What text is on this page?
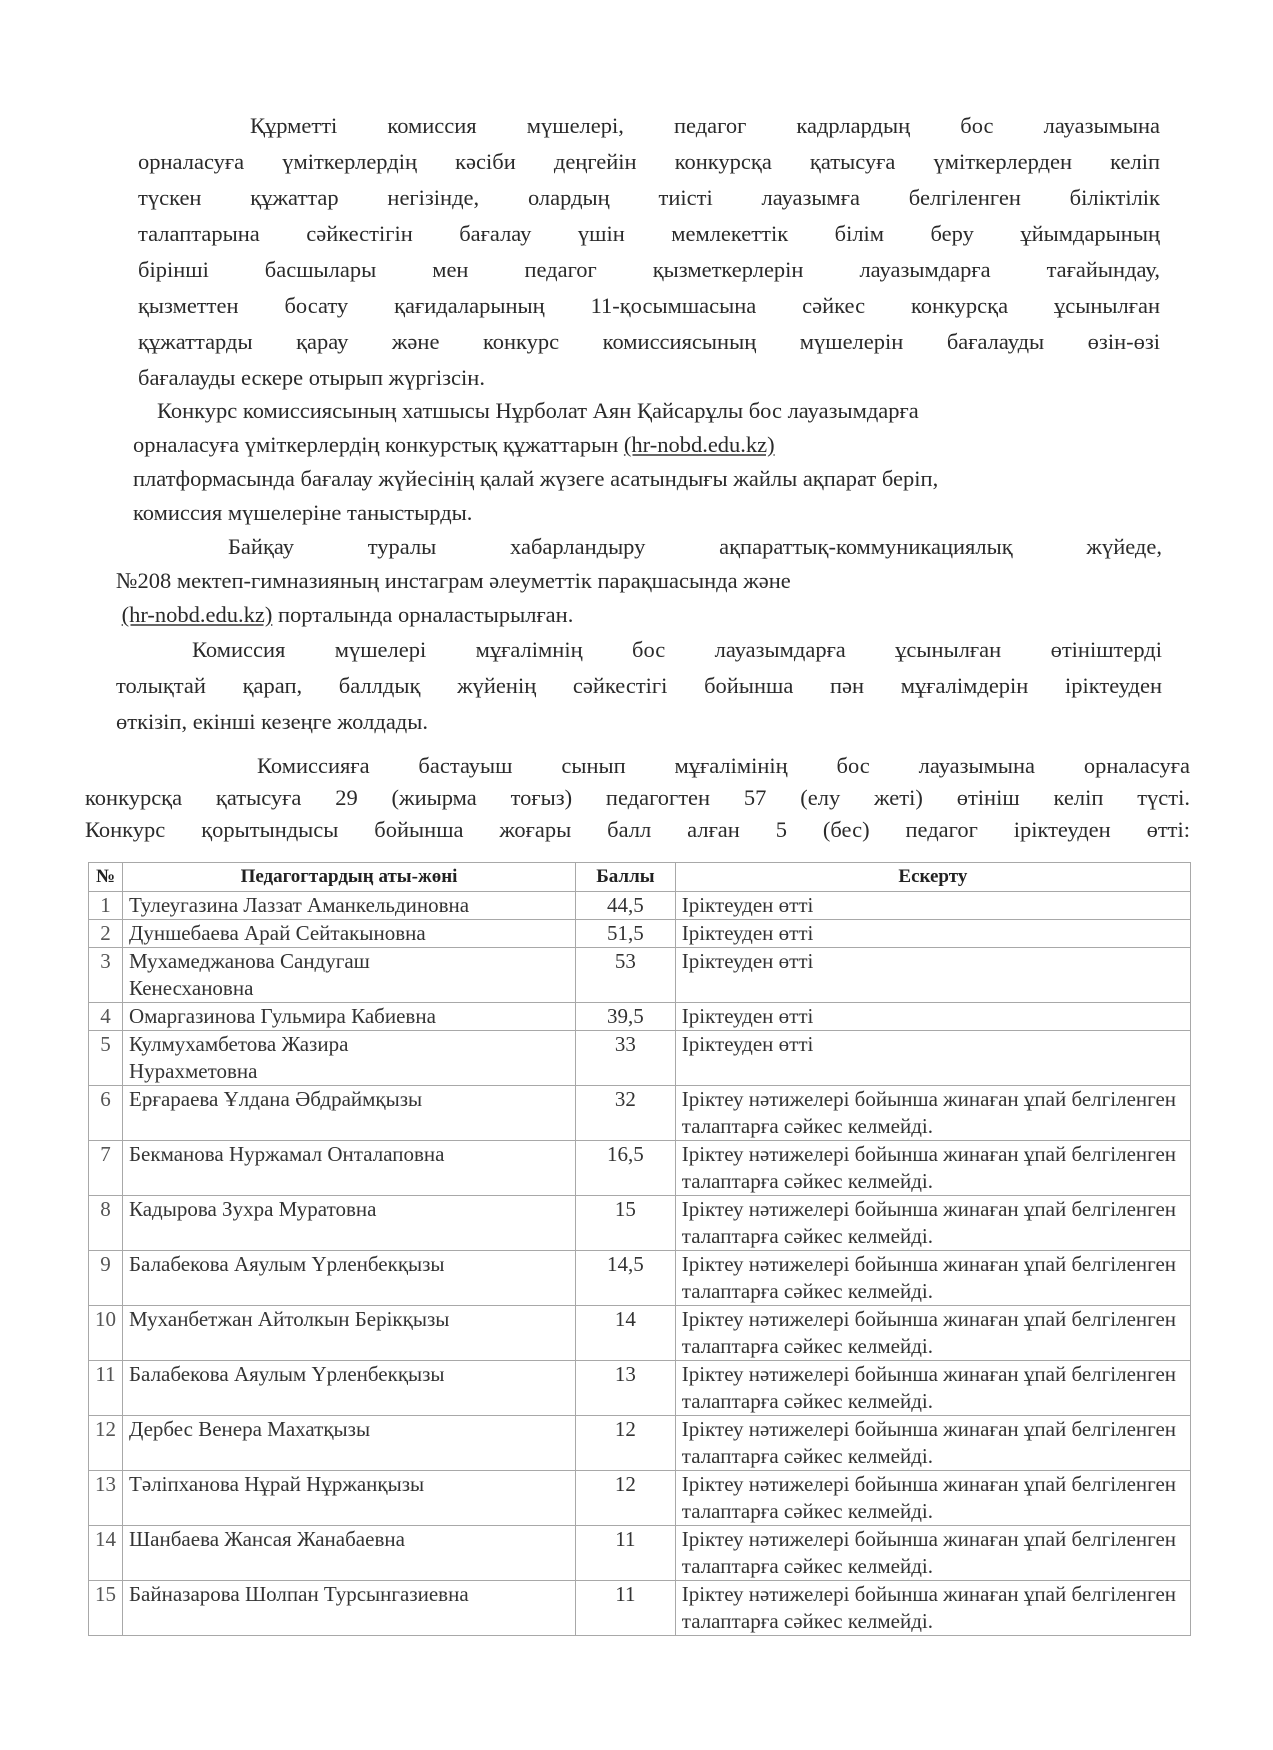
Құрметті комиссия мүшелері, педагог кадрлардың бос лауазымына
орналасуға үміткерлердің кәсіби деңгейін конкурсқа қатысуға үміткерлерден келіп
түскен құжаттар негізінде, олардың тиісті лауазымға белгіленген біліктілік
талаптарына сәйкестігін бағалау үшін мемлекеттік білім беру ұйымдарының
бірінші басшылары мен педагог қызметкерлерін лауазымдарға тағайындау,
қызметтен босату қағидаларының 11-қосымшасына сәйкес конкурсқа ұсынылған
құжаттарды қарау және конкурс комиссиясының мүшелерін бағалауды өзін-өзі
бағалауды ескере отырып жүргізсін.
Конкурс комиссиясының хатшысы Нұрболат Аян Қайсарұлы бос лауазымдарға
орналасуға үміткерлердің конкурстық құжаттарын (hr-nobd.edu.kz)
платформасында бағалау жүйесінің қалай жүзеге асатындығы жайлы ақпарат беріп,
комиссия мүшелеріне таныстырды.
Байқау туралы хабарландыру ақпараттық-коммуникациялық жүйеде,
№208 мектеп-гимназияның инстаграм әлеуметтік парақшасында және
(hr-nobd.edu.kz) порталында орналастырылған.
Комиссия мүшелері мұғалімнің бос лауазымдарға ұсынылған өтініштерді
толықтай қарап, баллдық жүйенің сәйкестігі бойынша пән мұғалімдерін іріктеуден
өткізіп, екінші кезеңге жолдады.
Комиссияға бастауыш сынып мұғалімінің бос лауазымына орналасуға
конкурсқа қатысуға 29 (жиырма тоғыз) педагогтен 57 (елу жеті) өтініш келіп түсті.
Конкурс қорытындысы бойынша жоғары балл алған 5 (бес) педагог іріктеуден өтті:
№	Педагогтардың аты-жөні	Баллы	Ескерту
1	Тулеугазина Лаззат Аманкельдиновна	44,5	Іріктеуден өтті
2	Дуншебаева Арай Сейтакыновна	51,5	Іріктеуден өтті
3	Мухамеджанова Сандугаш Кенесхановна	53	Іріктеуден өтті
4	Омаргазинова Гульмира Кабиевна	39,5	Іріктеуден өтті
5	Кулмухамбетова Жазира Нурахметовна	33	Іріктеуден өтті
6	Ерғараева Ұлдана Әбдраймқызы	32	Іріктеу нәтижелері бойынша жинаған ұпай белгіленген талаптарға сәйкес келмейді.
7	Бекманова Нуржамал Онталаповна	16,5	Іріктеу нәтижелері бойынша жинаған ұпай белгіленген талаптарға сәйкес келмейді.
8	Кадырова Зухра Муратовна	15	Іріктеу нәтижелері бойынша жинаған ұпай белгіленген талаптарға сәйкес келмейді.
9	Балабекова Аяулым Үрленбекқызы	14,5	Іріктеу нәтижелері бойынша жинаған ұпай белгіленген талаптарға сәйкес келмейді.
10	Муханбетжан Айтолкын Берікқызы	14	Іріктеу нәтижелері бойынша жинаған ұпай белгіленген талаптарға сәйкес келмейді.
11	Балабекова Аяулым Үрленбекқызы	13	Іріктеу нәтижелері бойынша жинаған ұпай белгіленген талаптарға сәйкес келмейді.
12	Дербес Венера Махатқызы	12	Іріктеу нәтижелері бойынша жинаған ұпай белгіленген талаптарға сәйкес келмейді.
13	Тәліпханова Нұрай Нұржанқызы	12	Іріктеу нәтижелері бойынша жинаған ұпай белгіленген талаптарға сәйкес келмейді.
14	Шанбаева Жансая Жанабаевна	11	Іріктеу нәтижелері бойынша жинаған ұпай белгіленген талаптарға сәйкес келмейді.
15	Байназарова Шолпан Турсынгазиевна	11	Іріктеу нәтижелері бойынша жинаған ұпай белгіленген талаптарға сәйкес келмейді.
